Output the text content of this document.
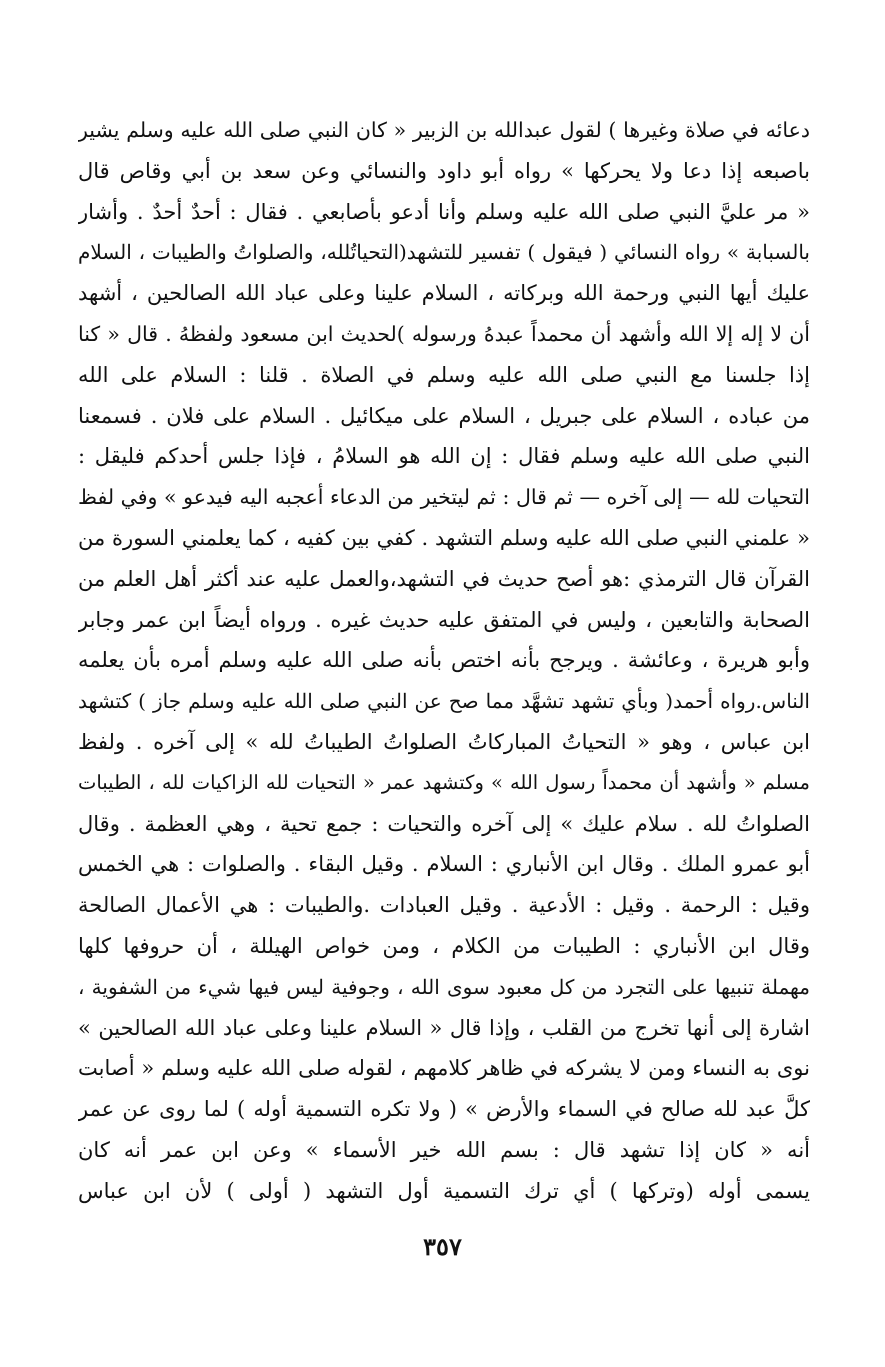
دعائه في صلاة وغيرها ) لقول عبدالله بن الزبير « كان النبي صلى الله عليه وسلم يشير
باصبعه إذا دعا ولا يحركها » رواه أبو داود والنسائي وعن سعد بن أبي وقاص قال
« مر عليَّ النبي صلى الله عليه وسلم وأنا أدعو بأصابعي . فقال : أحدٌ أحدٌ . وأشار
بالسبابة » رواه النسائي ( فيقول ) تفسير للتشهد(التحياتُلله، والصلواتُ والطيبات ، السلام
عليك أيها النبي ورحمة الله وبركاته ، السلام علينا وعلى عباد الله الصالحين ، أشهد
أن لا إله إلا الله وأشهد أن محمداً عبدهُ ورسوله )لحديث ابن مسعود ولفظهُ . قال « كنا
إذا جلسنا مع النبي صلى الله عليه وسلم في الصلاة . قلنا : السلام على الله
من عباده ، السلام على جبريل ، السلام على ميكائيل . السلام على فلان . فسمعنا
النبي صلى الله عليه وسلم فقال : إن الله هو السلامُ ، فإذا جلس أحدكم فليقل :
التحيات لله — إلى آخره — ثم قال : ثم ليتخير من الدعاء أعجبه اليه فيدعو » وفي لفظ
« علمني النبي صلى الله عليه وسلم التشهد . كفي بين كفيه ، كما يعلمني السورة من
القرآن قال الترمذي :هو أصح حديث في التشهد،والعمل عليه عند أكثر أهل العلم من
الصحابة والتابعين ، وليس في المتفق عليه حديث غيره . ورواه أيضاً ابن عمر وجابر
وأبو هريرة ، وعائشة . ويرجح بأنه اختص بأنه صلى الله عليه وسلم أمره بأن يعلمه
الناس.رواه أحمد( وبأي تشهد تشهَّد مما صح عن النبي صلى الله عليه وسلم جاز ) كتشهد
ابن عباس ، وهو « التحياتُ المباركاتُ الصلواتُ الطيباتُ لله » إلى آخره . ولفظ
مسلم « وأشهد أن محمداً رسول الله » وكتشهد عمر « التحيات لله الزاكيات لله ، الطيبات
الصلواتُ لله . سلام عليك » إلى آخره والتحيات : جمع تحية ، وهي العظمة . وقال
أبو عمرو الملك . وقال ابن الأنباري : السلام . وقيل البقاء . والصلوات : هي الخمس
وقيل : الرحمة . وقيل : الأدعية . وقيل العبادات .والطيبات : هي الأعمال الصالحة
وقال ابن الأنباري : الطيبات من الكلام ، ومن خواص الهيللة ، أن حروفها كلها
مهملة تنبيها على التجرد من كل معبود سوى الله ، وجوفية ليس فيها شيء من الشفوية ،
اشارة إلى أنها تخرج من القلب ، وإذا قال « السلام علينا وعلى عباد الله الصالحين »
نوى به النساء ومن لا يشركه في ظاهر كلامهم ، لقوله صلى الله عليه وسلم « أصابت
كلَّ عبد لله صالح في السماء والأرض » ( ولا تكره التسمية أوله ) لما روى عن عمر
أنه « كان إذا تشهد قال : بسم الله خير الأسماء » وعن ابن عمر أنه كان
يسمى أوله (وتركها ) أي ترك التسمية أول التشهد ( أولى ) لأن ابن عباس
٣٥٧
